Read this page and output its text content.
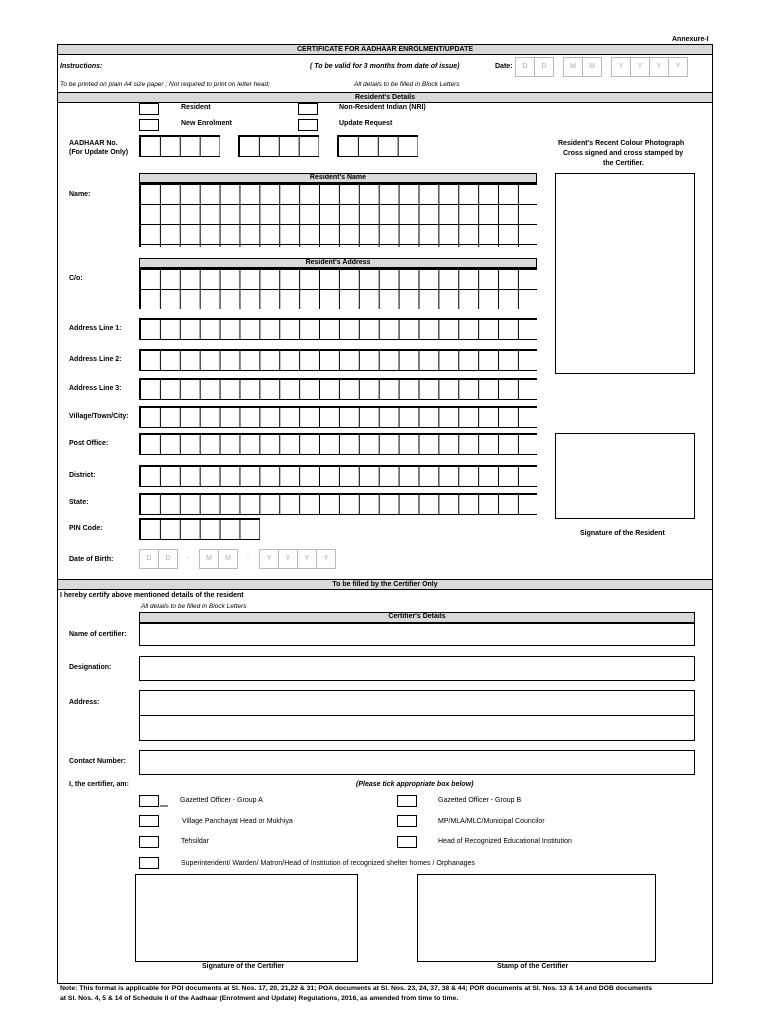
Annexure-I
CERTIFICATE FOR AADHAAR ENROLMENT/UPDATE
Instructions:	( To be valid for 3 months from date of issue)	Date:	D	D	-	M	M	-	Y	Y	Y	Y
To be printed on plain A4 size paper ; Not required to print on letter head;	All details to be filled in Block Letters
Resident's Details
Resident	Non-Resident Indian (NRI)
New Enrolment	Update Request
AADHAAR No.
(For Update Only)
Resident's Recent Colour Photograph
Cross signed and cross stamped by
the Certifier.
Resident's Name
Name:
Resident's Address
C/o:
Address Line 1:
Address Line 2:
Address Line 3:
Village/Town/City:
Post Office:
District:
State:
PIN Code:
Signature of the Resident
Date of Birth:	D	D	-	M	M	-	Y	Y	Y	Y
To be filled by the Certifier Only
I hereby certify above mentioned details of the resident
All details to be filled in Block Letters
Certifier's Details
Name of certifier:
Designation:
Address:
Contact Number:
I, the certifier, am:	(Please tick appropriate box below)
‗‗ Gazetted Officer - Group A	Gazetted Officer - Group B
Village Panchayat Head or Mukhiya	MP/MLA/MLC/Municipal Councilor
Tehsildar	Head of Recognized Educational Institution
Superintendent/ Warden/ Matron/Head of Institution of recognized shelter homes / Orphanages
Signature of the Certifier	Stamp of the Certifier
Note: This format is applicable for POI documents at Sl. Nos. 17, 20, 21,22 & 31; POA documents at Sl. Nos. 23, 24, 37, 38 & 44; POR documents at Sl. Nos. 13 & 14 and DOB documents
at Sl. Nos. 4, 5 & 14 of Schedule II of the Aadhaar (Enrolment and Update) Regulations, 2016, as amended from time to time.
